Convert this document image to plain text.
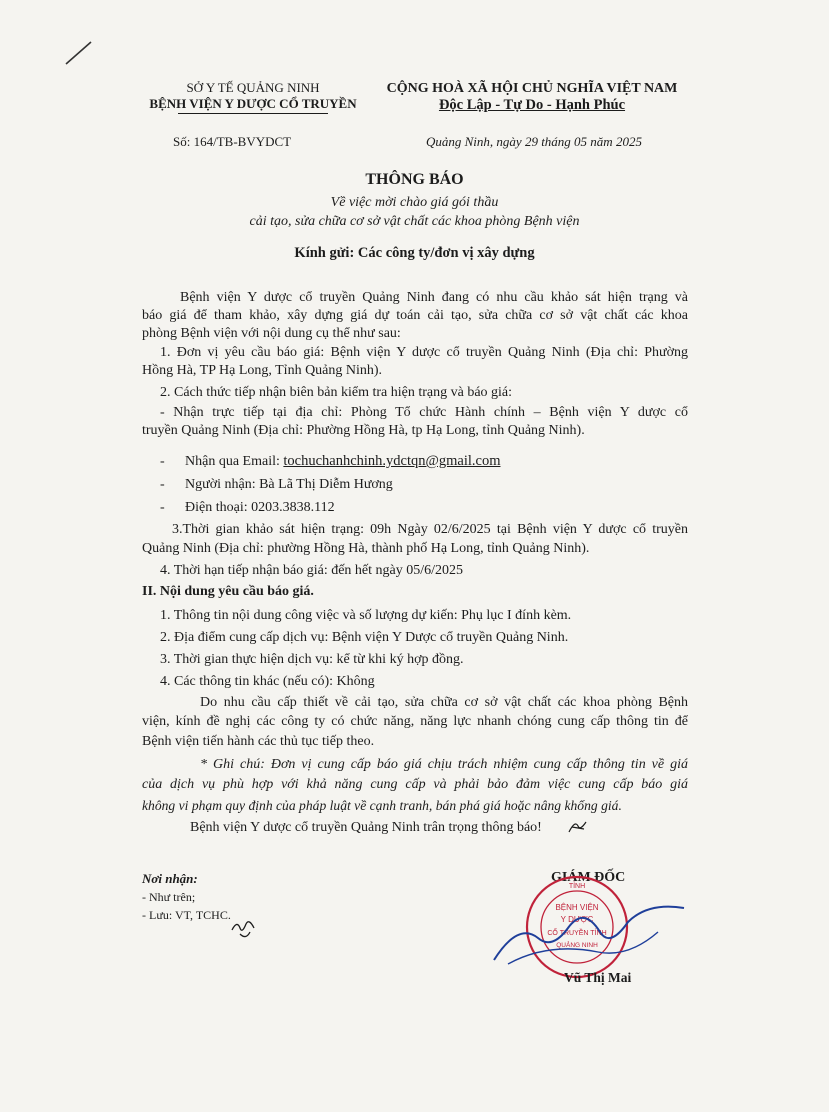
SỞ Y TẾ QUẢNG NINH
BỆNH VIỆN Y DƯỢC CỔ TRUYỀN
CỘNG HOÀ XÃ HỘI CHỦ NGHĨA VIỆT NAM
Độc Lập - Tự Do - Hạnh Phúc
Số: 164/TB-BVYDCT	Quảng Ninh, ngày 29 tháng 05 năm 2025
THÔNG BÁO
Về việc mời chào giá gói thầu
cải tạo, sửa chữa cơ sở vật chất các khoa phòng Bệnh viện
Kính gửi: Các công ty/đơn vị xây dựng
Bệnh viện Y dược cổ truyền Quảng Ninh đang có nhu cầu khảo sát hiện trạng và
báo giá để tham khảo, xây dựng giá dự toán cải tạo, sửa chữa cơ sở vật chất các khoa
phòng Bệnh viện với nội dung cụ thể như sau:
1. Đơn vị yêu cầu báo giá: Bệnh viện Y dược cổ truyền Quảng Ninh (Địa chỉ: Phường
Hồng Hà, TP Hạ Long, Tỉnh Quảng Ninh).
2. Cách thức tiếp nhận biên bản kiểm tra hiện trạng và báo giá:
- Nhận trực tiếp tại địa chỉ: Phòng Tổ chức Hành chính – Bệnh viện Y dược cổ
truyền Quảng Ninh (Địa chỉ: Phường Hồng Hà, tp Hạ Long, tỉnh Quảng Ninh).
- Nhận qua Email: tochuchanhchinh.ydctqn@gmail.com
- Người nhận: Bà Lã Thị Diễm Hương
- Điện thoại: 0203.3838.112
3.Thời gian khảo sát hiện trạng: 09h Ngày 02/6/2025 tại Bệnh viện Y dược cổ truyền
Quảng Ninh (Địa chỉ: phường Hồng Hà, thành phố Hạ Long, tỉnh Quảng Ninh).
4. Thời hạn tiếp nhận báo giá: đến hết ngày 05/6/2025
II. Nội dung yêu cầu báo giá.
1. Thông tin nội dung công việc và số lượng dự kiến: Phụ lục I đính kèm.
2. Địa điểm cung cấp dịch vụ: Bệnh viện Y Dược cổ truyền Quảng Ninh.
3. Thời gian thực hiện dịch vụ: kể từ khi ký hợp đồng.
4. Các thông tin khác (nếu có): Không
Do nhu cầu cấp thiết về cải tạo, sửa chữa cơ sở vật chất các khoa phòng Bệnh
viện, kính đề nghị các công ty có chức năng, năng lực nhanh chóng cung cấp thông tin để
Bệnh viện tiến hành các thủ tục tiếp theo.
* Ghi chú: Đơn vị cung cấp báo giá chịu trách nhiệm cung cấp thông tin về giá
của dịch vụ phù hợp với khả năng cung cấp và phải bảo đảm việc cung cấp báo giá
không vi phạm quy định của pháp luật về cạnh tranh, bán phá giá hoặc nâng khống giá.
Bệnh viện Y dược cổ truyền Quảng Ninh trân trọng thông báo!
Nơi nhận:
- Như trên;
- Lưu: VT, TCHC.
GIÁM ĐỐC
TỈNH
BỆNH VIỆN
Y DƯỢC
CỔ TRUYỀN TỈNH
QUẢNG NINH
Vũ Thị Mai
